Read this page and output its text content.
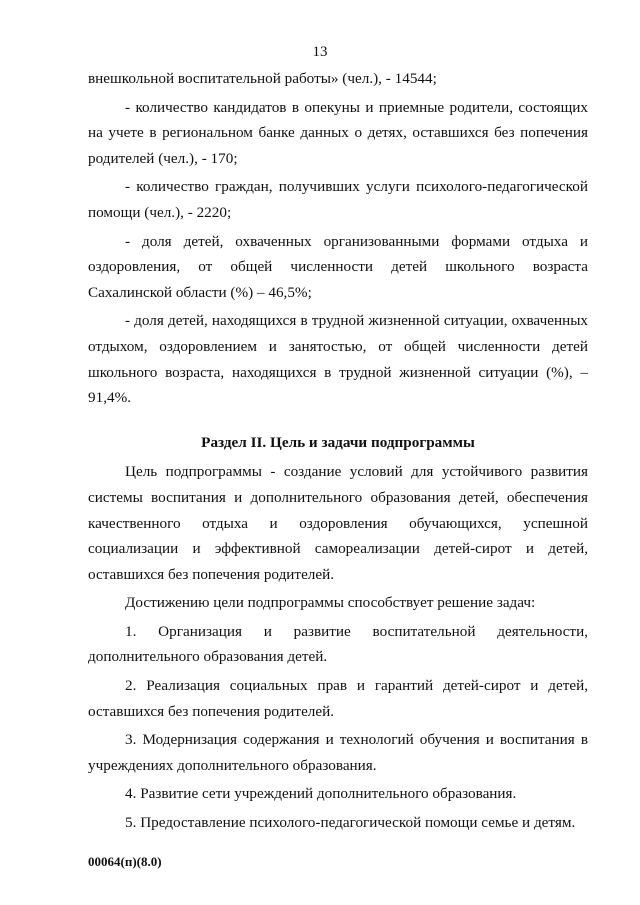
13

внешкольной воспитательной работы» (чел.), - 14544;

- количество кандидатов в опекуны и приемные родители, состоящих на учете в региональном банке данных о детях, оставшихся без попечения родителей (чел.), - 170;

- количество граждан, получивших услуги психолого-педагогической помощи (чел.), - 2220;

- доля детей, охваченных организованными формами отдыха и оздоровления, от общей численности детей школьного возраста Сахалинской области (%) – 46,5%;

- доля детей, находящихся в трудной жизненной ситуации, охваченных отдыхом, оздоровлением и занятостью, от общей численности детей школьного возраста, находящихся в трудной жизненной ситуации (%), – 91,4%.

Раздел II. Цель и задачи подпрограммы

Цель подпрограммы - создание условий для устойчивого развития системы воспитания и дополнительного образования детей, обеспечения качественного отдыха и оздоровления обучающихся, успешной социализации и эффективной самореализации детей-сирот и детей, оставшихся без попечения родителей.

Достижению цели подпрограммы способствует решение задач:

1. Организация и развитие воспитательной деятельности, дополнительного образования детей.

2. Реализация социальных прав и гарантий детей-сирот и детей, оставшихся без попечения родителей.

3. Модернизация содержания и технологий обучения и воспитания в учреждениях дополнительного образования.

4. Развитие сети учреждений дополнительного образования.

5. Предоставление психолого-педагогической помощи семье и детям.

00064(п)(8.0)
